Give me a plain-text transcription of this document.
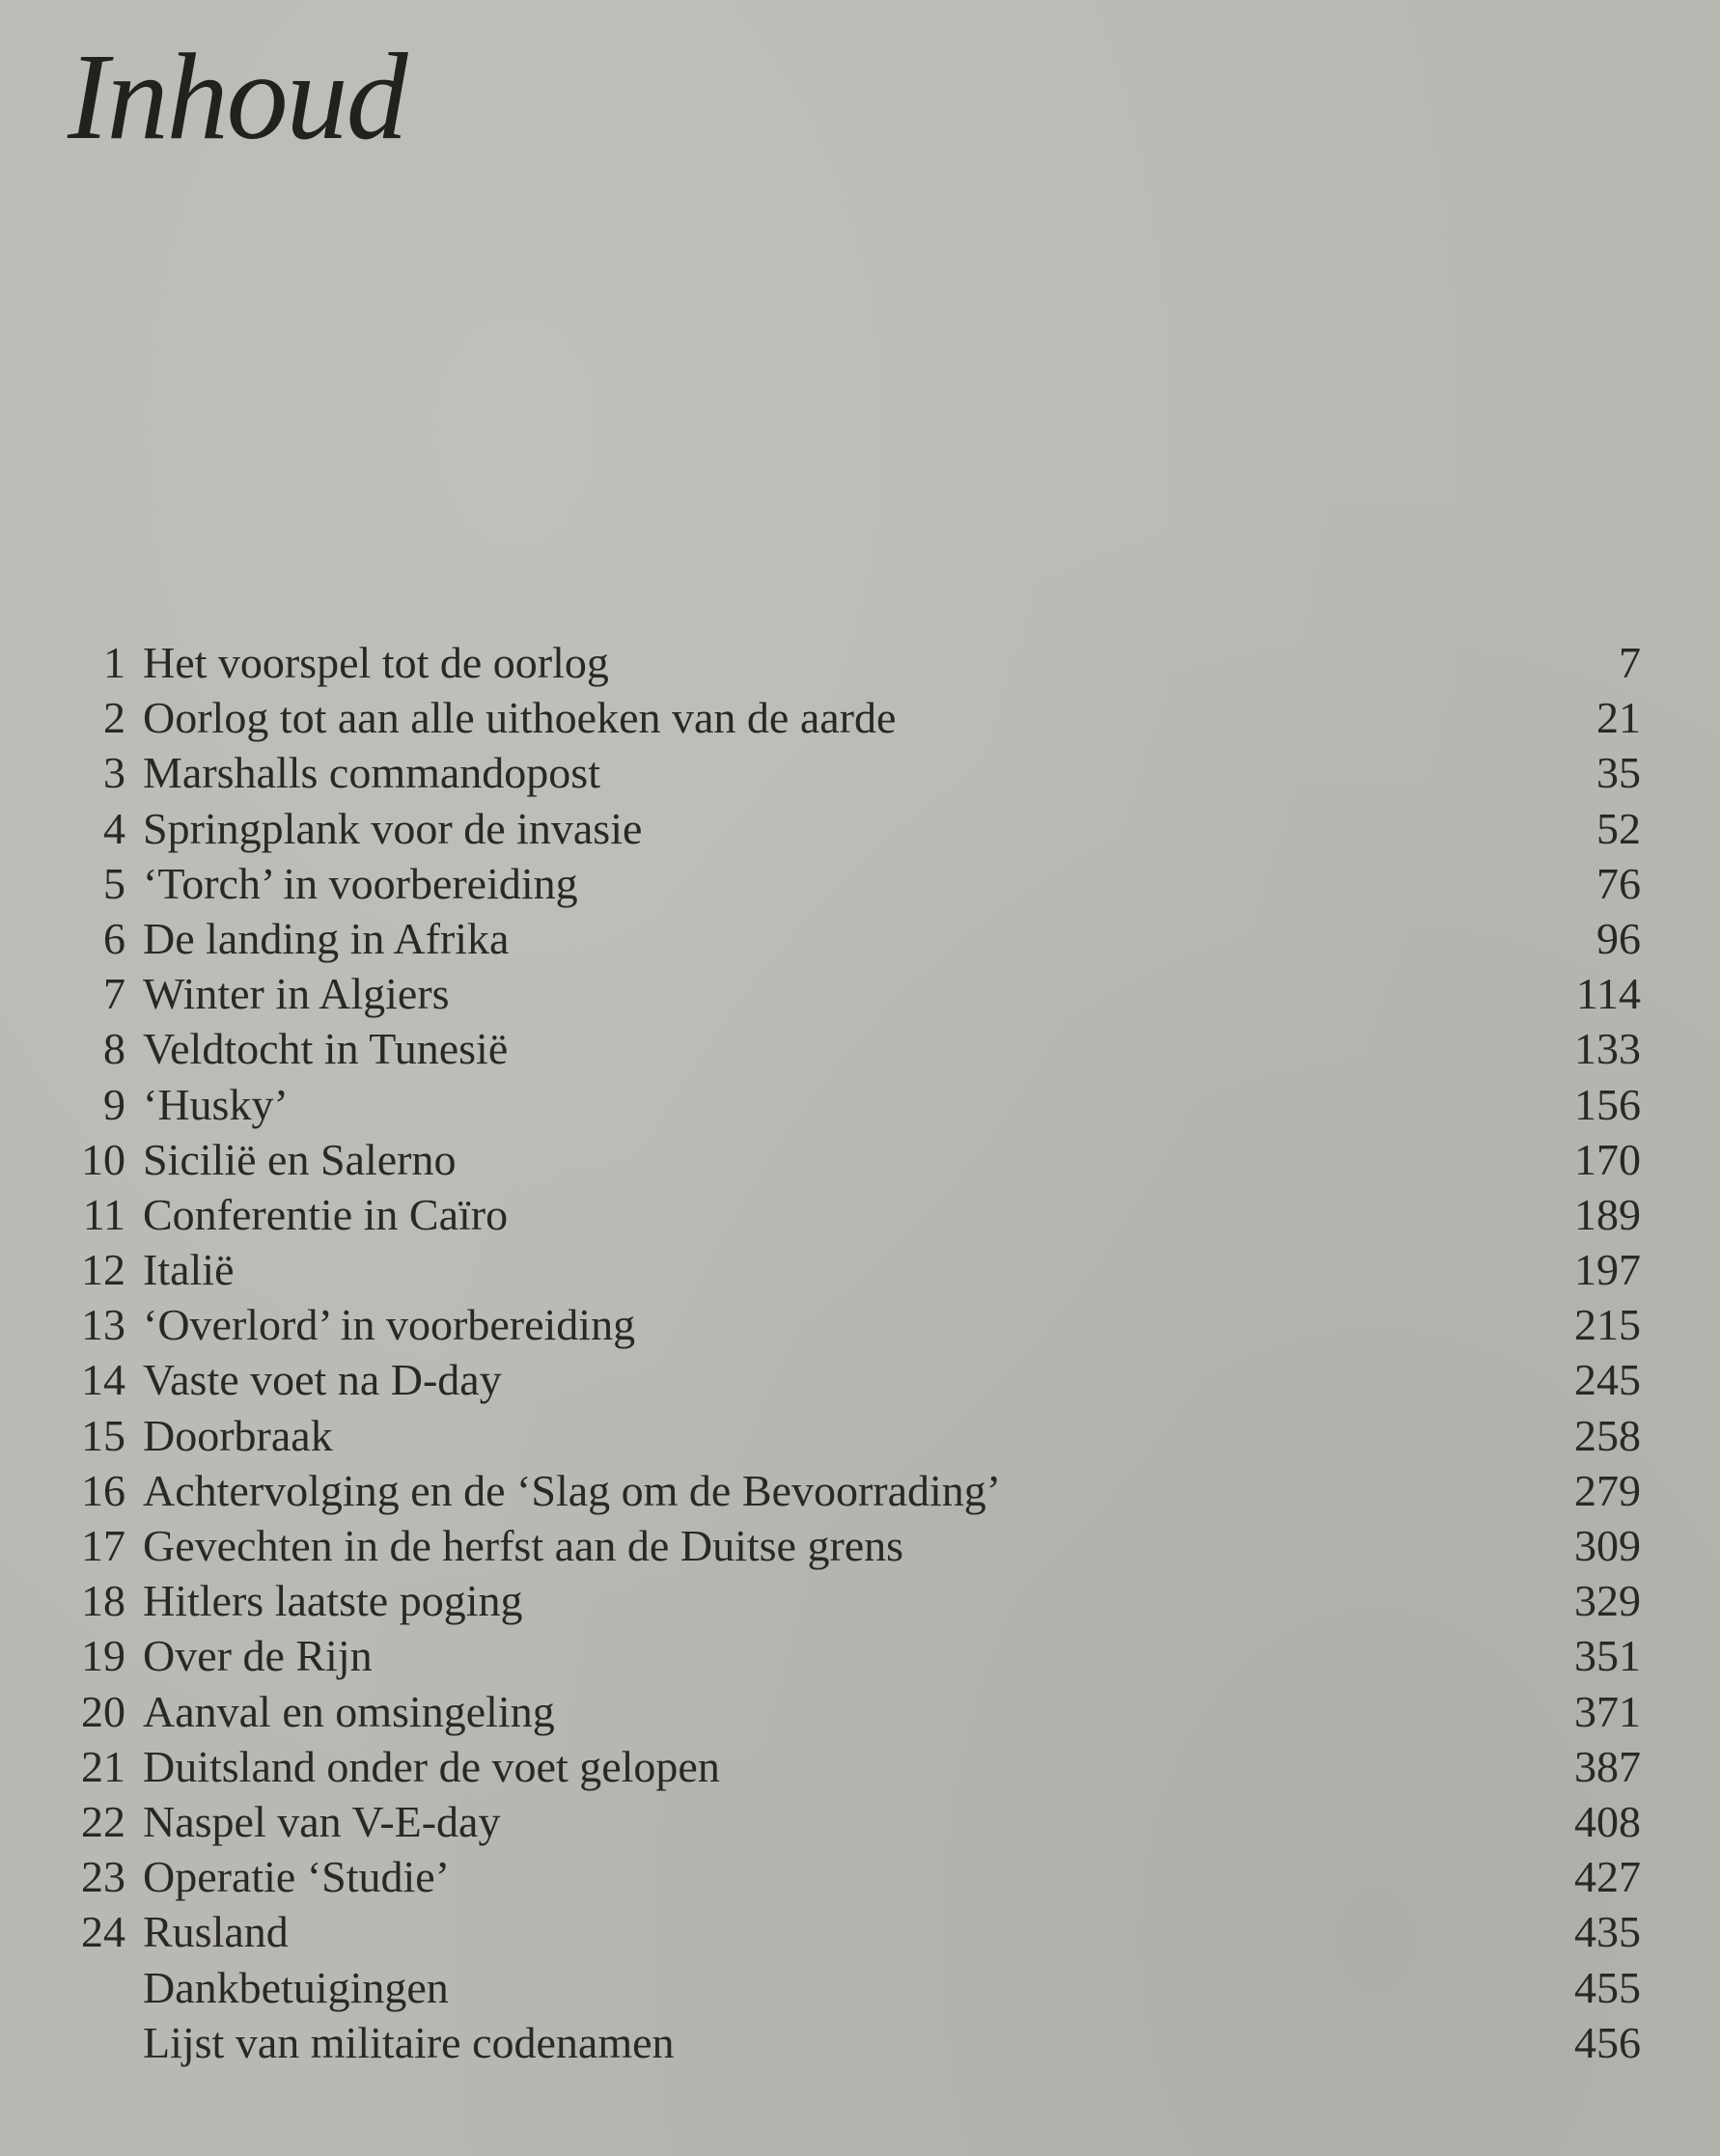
Inhoud
1 Het voorspel tot de oorlog	7
2 Oorlog tot aan alle uithoeken van de aarde	21
3 Marshalls commandopost	35
4 Springplank voor de invasie	52
5 ‘Torch’ in voorbereiding	76
6 De landing in Afrika	96
7 Winter in Algiers	114
8 Veldtocht in Tunesië	133
9 ‘Husky’	156
10 Sicilië en Salerno	170
11 Conferentie in Caïro	189
12 Italië	197
13 ‘Overlord’ in voorbereiding	215
14 Vaste voet na D-day	245
15 Doorbraak	258
16 Achtervolging en de ‘Slag om de Bevoorrading’	279
17 Gevechten in de herfst aan de Duitse grens	309
18 Hitlers laatste poging	329
19 Over de Rijn	351
20 Aanval en omsingeling	371
21 Duitsland onder de voet gelopen	387
22 Naspel van V-E-day	408
23 Operatie ‘Studie’	427
24 Rusland	435
Dankbetuigingen	455
Lijst van militaire codenamen	456
